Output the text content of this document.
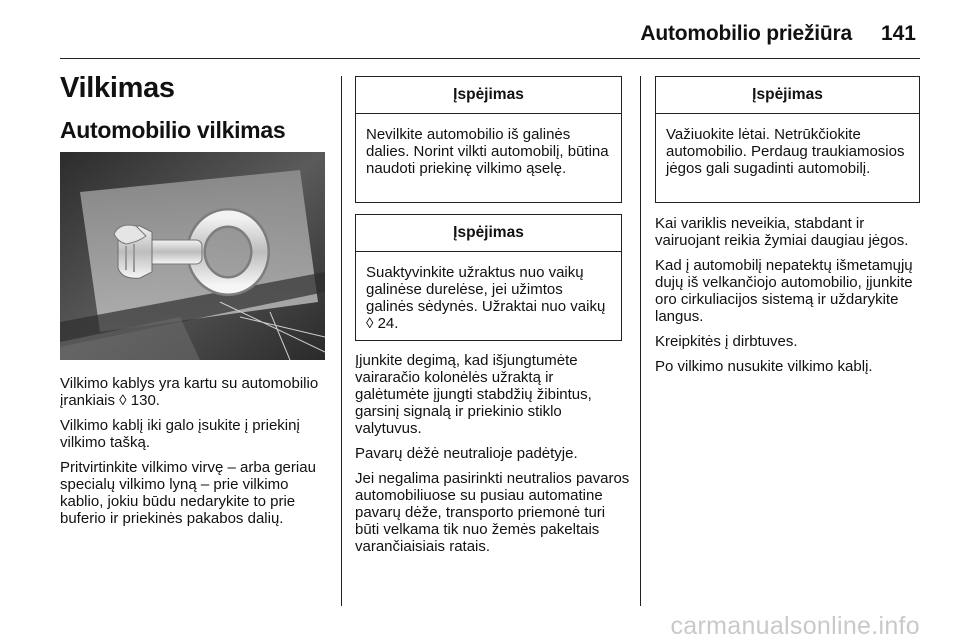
Automobilio priežiūra 141
Vilkimas
Automobilio vilkimas

Vilkimo kablys yra kartu su automobilio įrankiais ◊ 130.

Vilkimo kablį iki galo įsukite į priekinį vilkimo tašką.

Pritvirtinkite vilkimo virvę – arba geriau specialų vilkimo lyną – prie vilkimo kablio, jokiu būdu nedarykite to prie buferio ir priekinės pakabos dalių.

Įspėjimas
Nevilkite automobilio iš galinės dalies. Norint vilkti automobilį, būtina naudoti priekinę vilkimo ąselę.
Įspėjimas
Suaktyvinkite užraktus nuo vaikų galinėse durelėse, jei užimtos galinės sėdynės. Užraktai nuo vaikų ◊ 24.

Įjunkite degimą, kad išjungtumėte vairaračio kolonėlės užraktą ir galėtumėte įjungti stabdžių žibintus, garsinį signalą ir priekinio stiklo valytuvus.

Pavarų dėžė neutralioje padėtyje.

Jei negalima pasirinkti neutralios pavaros automobiliuose su pusiau automatine pavarų dėže, transporto priemonė turi būti velkama tik nuo žemės pakeltais varančiaisiais ratais.

Įspėjimas
Važiuokite lėtai. Netrūkčiokite automobilio. Perdaug traukiamosios jėgos gali sugadinti automobilį.

Kai variklis neveikia, stabdant ir vairuojant reikia žymiai daugiau jėgos.

Kad į automobilį nepatektų išmetamųjų dujų iš velkančiojo automobilio, įjunkite oro cirkuliacijos sistemą ir uždarykite langus.

Kreipkitės į dirbtuves.

Po vilkimo nusukite vilkimo kablį.

carmanualsonline.info
